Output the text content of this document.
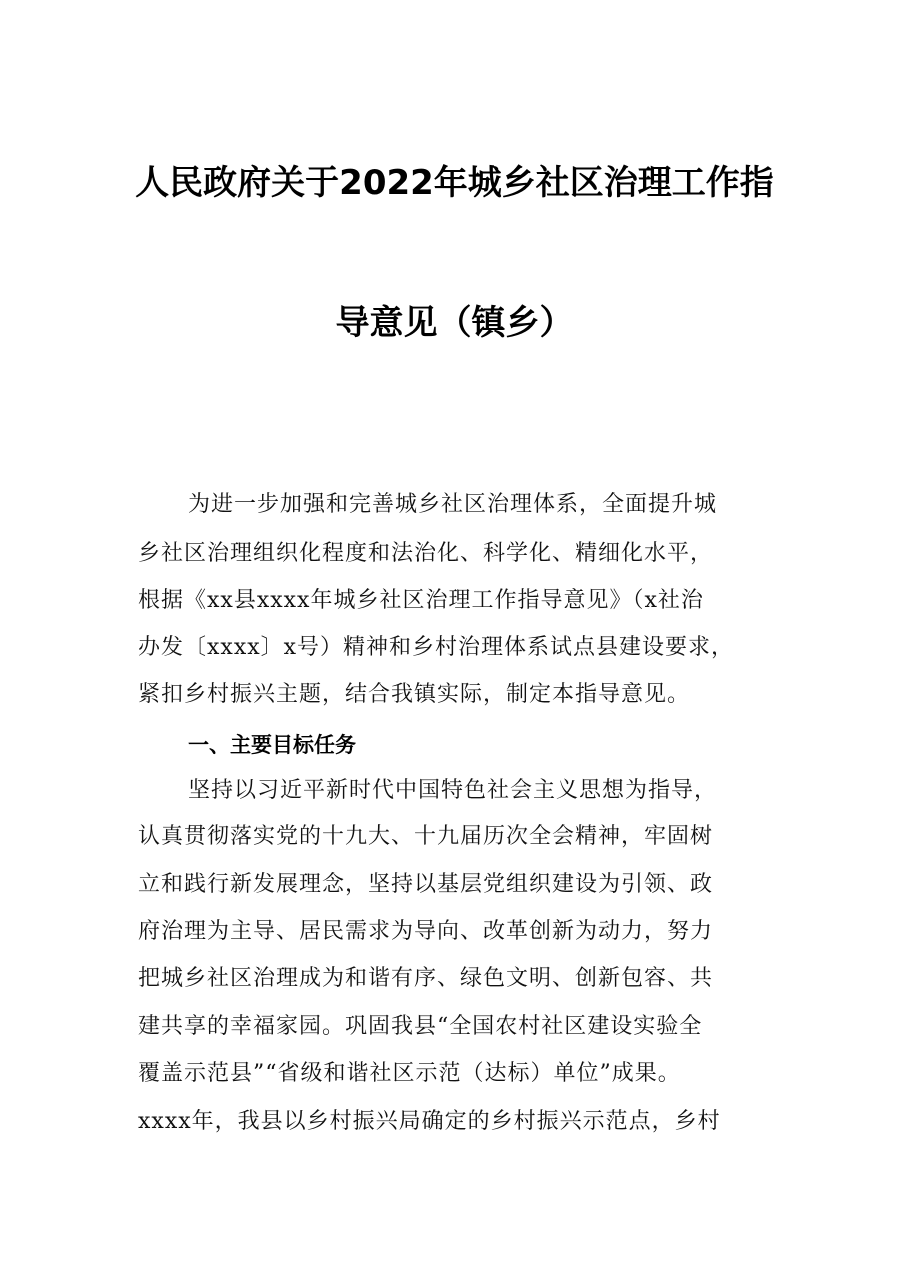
人民政府关于2022年城乡社区治理工作指
导意见（镇乡）
为进一步加强和完善城乡社区治理体系，全面提升城
乡社区治理组织化程度和法治化、科学化、精细化水平，
根据《xx县xxxx年城乡社区治理工作指导意见》（x社治
办发〔xxxx〕x号）精神和乡村治理体系试点县建设要求，
紧扣乡村振兴主题，结合我镇实际，制定本指导意见。
一、主要目标任务
坚持以习近平新时代中国特色社会主义思想为指导，
认真贯彻落实党的十九大、十九届历次全会精神，牢固树
立和践行新发展理念，坚持以基层党组织建设为引领、政
府治理为主导、居民需求为导向、改革创新为动力，努力
把城乡社区治理成为和谐有序、绿色文明、创新包容、共
建共享的幸福家园。巩固我县“全国农村社区建设实验全
覆盖示范县”“省级和谐社区示范（达标）单位”成果。
xxxx年，我县以乡村振兴局确定的乡村振兴示范点，乡村
